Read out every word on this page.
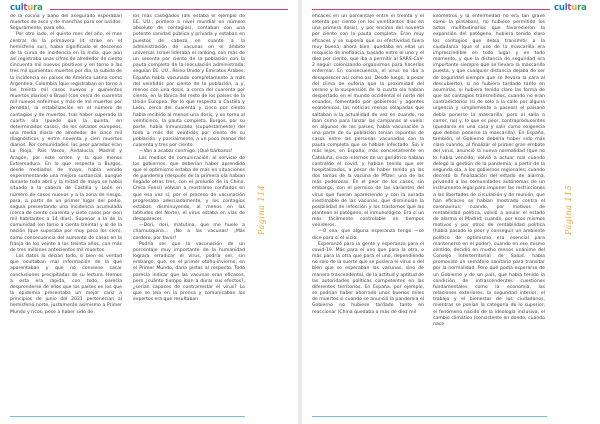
cultura

de la cocina y baño del asegurado esperaban muertos de asco y de manchas para ser lucidos. Seguramente, para ello.

Por otro lado, el quinto mes del año, el mes central de la primavera (it strike en el hemisferio sur), había significado el descenso de la curva de incidencia en la India, que aún así registraba unas cifras de alrededor de ciento cincuenta mil nuevos positivos y en torno a las tres mil quinientas muertes por día, la subida de la incidencia en países de América Latina como Argentina, Colombia (que registraban en torno a los treinta mil casos nuevos y quinientos muertos diarios) o Brasil (con cerca de cuarenta mil nuevos enfermos y más de mil muertos por jornada), la estabilización en el número de contagios y de muertos, tras haber superado la cuarta ola (puede que la quinta, en determinados casos), de los estados europeos, una media diaria de alrededor de cinco mil diagnósticos y entre noventa y cien muertos diarios. Por comunidades, las peor paradas eran La Rioja, País Vasco, Andalucía, Madrid y Aragón, por este orden y la que menos Extremadura. En lo que respecta a Burgos, desde mediados de mayo, había venido experimentando una mejora sustancial, aunque durante todo abril y la mitad de mayo se había situado a la cabeza de Castilla y León en número de casos nuevos y a la zona de riesgo, para, a partir de un primer lugar del podio, seguía presentando una incidencia acumulada (cerca de ciento cuarenta y siete casos por cien mil habitantes a 14 días). Superior a la de la comunidad (en torno a ciento treinta) y al de la nación (que superaba por muy poco los cien), como consecuencia del aumento de casos en la franja de los veinte a los treinta años, con más de tres millones antecientos mil muertos.

Los datos lo decían todo, si bien es verdad que ocultaban mal información de la que aparentaban y que no conviene sacar conclusiones precipitadas de su lectura. Hemos a esta era rápida, con todo, parecía desprenderse de ellos que los países en los que la epidemia presentaba un mejor cariz a principios de junio del 2021 pertenecían al hemisferio norte, justamente asimismo a Primer Mundo y ricos, pese a haber sido de

los más castigados (ahí estaba el ejemplo de EE. UU., primero a nivel mundial en número absoluto de contagios), contaban con una potente sanidad pública y privada y estaban en puestos de cabeza en cuanto a la administración de vacunas en el ámbito universal. Israel liderabá el ranking, con más de un sesenta por ciento de la población con la pauta completa de la inoculación administrada; seguían EE. UU., Reino Unido y Emiratos Árabes; España había vacunado completamente a más del veintidós por ciento de la población, a y, menos con una dosis, a cerca del cuarenta por ciento, en la tónica del resto de los países de la Unión Europea. Por lo que respecta a Castilla y León, cerca del cuarenta y cinco por ciento había recibido al menos una dosis, y en torno al veinticinco, la pauta completa. Burgos, por su parte, había inmunizado (supuestamente) del todo a más del veintidós por ciento de su población, y parcialmente, a un poco menos del cuarenta y tres por ciento.

—Van a acabar conmigo. ¡Qué bárbaros!

Los medios de comunicación, al servicio de los gobiernos, que deberían haber aprendido que el optimismo estaba de más en situaciones de pandemia (después de la primera ola habían llegado otras tres, con el preludio de la China. Chica Fonsi) volvían a mostrarse confiados en que esa vez sí, por el proceso de vacunación progresaba adecuadamente, y los contagios estaban disminuyendo, al menos en las latitudes del Norte), el virus estaba en vías de desaparecer.

—Dori, dori, matutina, que me huele a chamusquina... ¡No a las vacunas! ¡Más cordero, por favor!

Podría ser que la vacunación de un porcentaje muy importante de la humanidad lograra erradicar el virus, podría ser, sin embargo, que, en el primer otoño-invierno, en el Primer Mundo, daría pistas al respecto. Todo parecía indicar que las vacunas eran eficaces, pero ¿cuánto tiempo iban a durar sus efectos?, ¿serían capaces de contrarrestar el virus? Lo que se leía en la prensa y comunicaban los expertos era que resultaban

Página 114
cultura

eficaces en un porcentaje entre el treinta y el setenta por ciento (en los veintitantos días en una primera dosis), y por encima del noventa por ciento con la pauta completa. Eran muy eficaces y se suponía que su efectividad fuera muy buena; ahora bien, quedaba en ellas un resquicio de inefiaacia, basado entre el uno y el diez por ciento, que iba a permitir al SARS-CoV-2 seguir colonizando organismos para hacerlos enfermar. En consecuencia, el virus no iba a desaparecer así como así. Desde luego, a pesar del clima de euforia que la proximidad del verano y la suspensión de la cuarta ola habían despertado en el mundo occidental el norte del ecuador, fomentado por gobiernos y agentes económicos, las noticias menos solapadas que saltaban a la actualidad de vez en cuando, no iban como para lanzar las campanas al vuelo: en algunos de los países, había vacunación a una parte de su población tenían repuntes de casos entre las personas vacunadas con la pauta completa que se habían infectado. Sin ir más lejos, en España, más concretamente en Cataluña, cinco internos de un geriátrico habían contraído el covid, y habían tenido que ser hospitalizados, a pesar de haber tenido ya las dos tomas de la vacuna de Pfizer; una de las más poderosas. En el peor de los casos, sin embargo, con el permiso de las variantes del virus que fueran apareciendo y con la aurada inestimable de las vacunas, que disminuían la posibilidad de infección y los trastornos que las plantean al patógeno, el inmunológico. Era sí un más fácilmente controlable en tiempos venideros.

—O sea, que alguna esperanza tengo —se dice para sí el vicio.

Esperanzó para la gente y esperanza para el covid-19. Más para el uno que para la otra, o más para la otra que para el uno, dependiendo no solo de la suerte que se pusiera el virus o del bien que se esperaban las vacunas, sino de manera trascendental, de la actitud y aptitud de las autoridades políticas competentes en las diferentes territorios. En España, por ejemplo, se podrían haber ahorrado unos buenos miles de muertos si cuando se anunció la pandemia el Gobierno no hubiese tardado tanto en reaccionar (China quedaba a más de diez mil

kilómetros y la enfermedad no era tan grave como la pintaban), no hubiese permitido los actos multitudinarios que favorecieron la expansión del patógeno, hubiera tenido claro los contagios que debía transmitir a la ciudadanía (que el uso de la mascarilla era imprescindible en todo lugar y en todo momento, y que la distancia de seguridad era importante siempre que se llevara la mascarilla puesta, y que cualquier distancia dejaba de ser de seguridad siempre que se llevara la cara al descubierto), si no hubiera tardado tanto en asumirlas, si hubiera tenido claro las forma de que las contagios transmitidos, cuando no eran contradictorios (si de solo a la calle por alguna urgencia y simplemente a paseos) el paisano debía ponerse la mascarilla; pero al salla a correr, no) y, lo que es peor, contraproducentes (quedarse en una casa y salir como exigencia que debían ponerse la mascarilla). En España, también, el Gobierno debería haber sido más claro cuando, al finalizar el primer gran embate del virus, anunció la nueva normalidad (que no lo había vencido; volvió a actuar mal cuando delegó la gestión de la pandemia, a partir de la segunda ola, a los gobiernos regionales; cuando decretó la finalización del estado de alarma, privando a las comunidades autónomas de un instrumento legal para imponer las restricciones a las libertades de circulación y de reunión, que han eficaces se habían mostrado contra el coronavirus; cuando, por motivos de rentabilidad política, volvió a anular el estado de alarma el Madrid; cuando, por esos mismos motivos y por otros de rentabilidad política (había pasado lo peor y conseguir un ambiente político de optimismo era esencial para mantenerse en el poder), cuando en ese mismo sentido, decidió en mucho menos unánime del Consejo Interterritorial de Salud, había promovido un semáforo sanitario para transitar por la normalidad. Pero qué podía esperarse de un Gobierno y de un país, que había tenido la condición de intrascendentes cuestiones fundamentales como la economía, las relaciones exteriores, la seguridad interior, el trabajo y el bienestar de los ciudadanos, mientras se ponían la categoría de lo superior, el fenómeno nacido de la ideología inclusiva, el cambio climático (consistente en donde, cuando nace

Página 115
